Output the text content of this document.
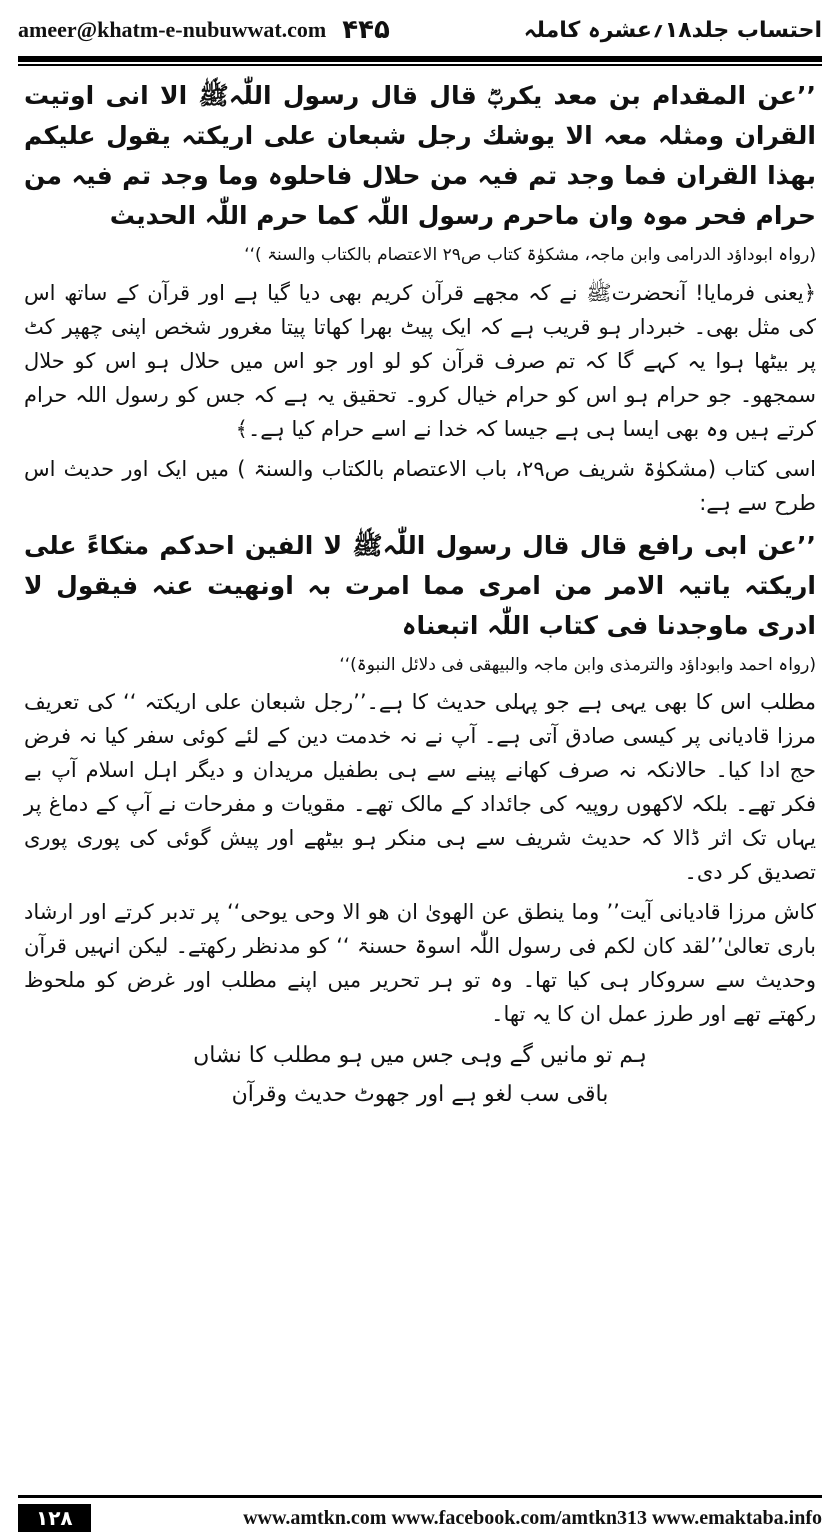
ameer@khatm-e-nubuwwat.com ۴۴۵	احتساب جلد۱۸؍عشرہ کاملہ

’’عن المقدام بن معد یکربؓ قال قال رسول اللّٰہﷺ الا انی اوتیت القران ومثلہ معہ الا یوشك رجل شبعان علی اریکتہ یقول علیکم بھذا القران فما وجد تم فیہ من حلال فاحلوہ وما وجد تم فیہ من حرام فحر موہ وان ماحرم رسول اللّٰہ کما حرم اللّٰہ الحدیث

(رواہ ابوداؤد الدرامی وابن ماجہ، مشکوٰۃ کتاب ص۲۹ الاعتصام بالکتاب والسنۃ )‘‘

﴿یعنی فرمایا! آنحضرتﷺ نے کہ مجھے قرآن کریم بھی دیا گیا ہے اور قرآن کے ساتھ اس کی مثل بھی۔ خبردار ہو قریب ہے کہ ایک پیٹ بھرا کھاتا پیتا مغرور شخص اپنی چھپر کٹ پر بیٹھا ہوا یہ کہے گا کہ تم صرف قرآن کو لو اور جو اس میں حلال ہو اس کو حلال سمجھو۔ جو حرام ہو اس کو حرام خیال کرو۔ تحقیق یہ ہے کہ جس کو رسول اللہ حرام کرتے ہیں وہ بھی ایسا ہی ہے جیسا کہ خدا نے اسے حرام کیا ہے۔﴾

اسی کتاب (مشکوٰۃ شریف ص۲۹، باب الاعتصام بالکتاب والسنۃ ) میں ایک اور حدیث اس طرح سے ہے:

’’عن ابی رافع قال قال رسول اللّٰہﷺ لا الفین احدکم متکاءً علی اریکتہ یاتیہ الامر من امری مما امرت بہ اونھیت عنہ فیقول لا ادری ماوجدنا فی کتاب اللّٰہ اتبعناہ

(رواہ احمد وابوداؤد والترمذی وابن ماجہ والبیھقی فی دلائل النبوۃ)‘‘

مطلب اس کا بھی یہی ہے جو پہلی حدیث کا ہے۔’’رجل شبعان علی اریکتہ ‘‘ کی تعریف مرزا قادیانی پر کیسی صادق آتی ہے۔ آپ نے نہ خدمت دین کے لئے کوئی سفر کیا نہ فرض حج ادا کیا۔ حالانکہ نہ صرف کھانے پینے سے ہی بطفیل مریدان و دیگر اہل اسلام آپ بے فکر تھے۔ بلکہ لاکھوں روپیہ کی جائداد کے مالک تھے۔ مقویات و مفرحات نے آپ کے دماغ پر یہاں تک اثر ڈالا کہ حدیث شریف سے ہی منکر ہو بیٹھے اور پیش گوئی کی پوری پوری تصدیق کر دی۔

کاش مرزا قادیانی آیت’’ وما ینطق عن الھویٰ ان ھو الا وحی یوحی‘‘ پر تدبر کرتے اور ارشاد باری تعالیٰ’’لقد کان لکم فی رسول اللّٰہ اسوۃ حسنۃ ‘‘ کو مدنظر رکھتے۔ لیکن انہیں قرآن وحدیث سے سروکار ہی کیا تھا۔ وہ تو ہر تحریر میں اپنے مطلب اور غرض کو ملحوظ رکھتے تھے اور طرز عمل ان کا یہ تھا۔

ہم تو مانیں گے وہی جس میں ہو مطلب کا نشاں

باقی سب لغو ہے اور جھوٹ حدیث وقرآن

۱۲۸	www.amtkn.com www.facebook.com/amtkn313 www.emaktaba.info
